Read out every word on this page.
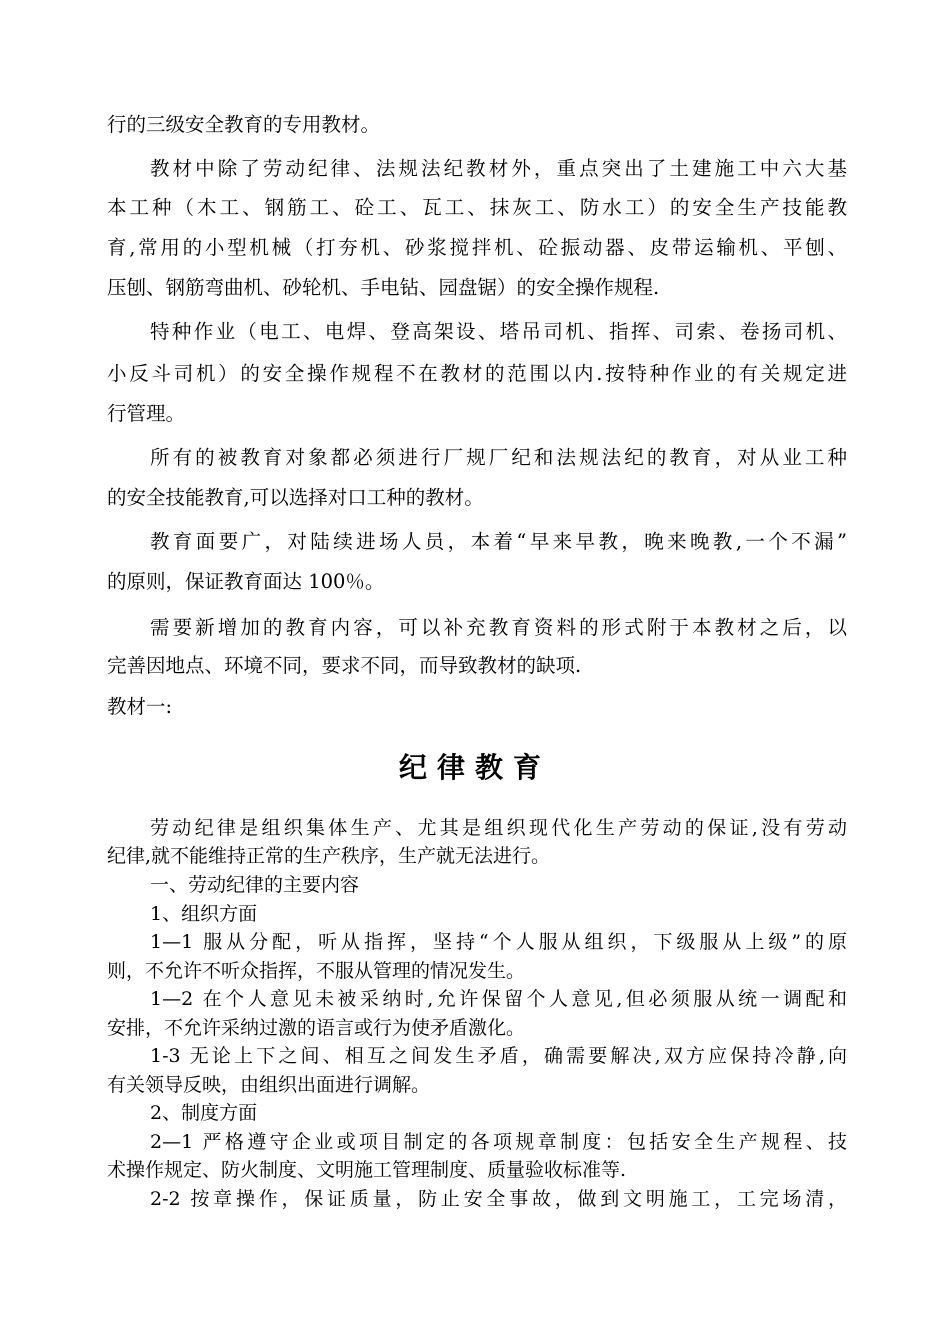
行的三级安全教育的专用教材。
教材中除了劳动纪律、法规法纪教材外，重点突出了土建施工中六大基
本工种（木工、钢筋工、砼工、瓦工、抹灰工、防水工）的安全生产技能教
育,常用的小型机械（打夯机、砂浆搅拌机、砼振动器、皮带运输机、平刨、
压刨、钢筋弯曲机、砂轮机、手电钻、园盘锯）的安全操作规程.
特种作业（电工、电焊、登高架设、塔吊司机、指挥、司索、卷扬司机、
小反斗司机）的安全操作规程不在教材的范围以内.按特种作业的有关规定进
行管理。
所有的被教育对象都必须进行厂规厂纪和法规法纪的教育，对从业工种
的安全技能教育,可以选择对口工种的教材。
教育面要广，对陆续进场人员，本着“早来早教，晚来晚教,一个不漏”
的原则，保证教育面达 100％。
需要新增加的教育内容，可以补充教育资料的形式附于本教材之后，以
完善因地点、环境不同，要求不同，而导致教材的缺项.
教材一:
纪律教育
劳动纪律是组织集体生产、尤其是组织现代化生产劳动的保证,没有劳动
纪律,就不能维持正常的生产秩序，生产就无法进行。
一、劳动纪律的主要内容
1、组织方面
1—1 服从分配，听从指挥，坚持“个人服从组织，下级服从上级”的原
则，不允许不听众指挥，不服从管理的情况发生。
1—2 在个人意见未被采纳时,允许保留个人意见,但必须服从统一调配和
安排，不允许采纳过激的语言或行为使矛盾激化。
1-3 无论上下之间、相互之间发生矛盾，确需要解决,双方应保持冷静,向
有关领导反映，由组织出面进行调解。
2、制度方面
2—1 严格遵守企业或项目制定的各项规章制度：包括安全生产规程、技
术操作规定、防火制度、文明施工管理制度、质量验收标准等.
2-2 按章操作，保证质量，防止安全事故，做到文明施工，工完场清，
